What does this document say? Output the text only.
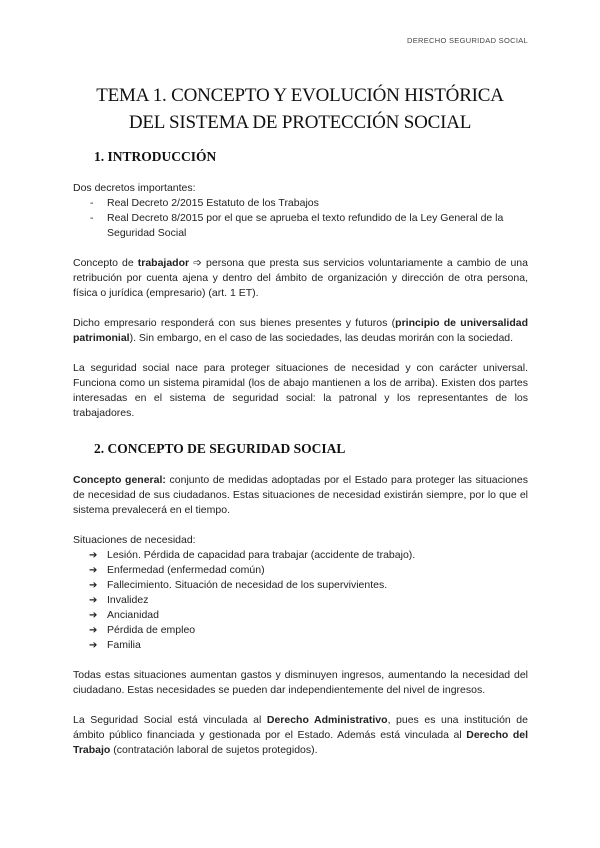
DERECHO SEGURIDAD SOCIAL
TEMA 1. CONCEPTO Y EVOLUCIÓN HISTÓRICA
DEL SISTEMA DE PROTECCIÓN SOCIAL
1. INTRODUCCIÓN

Dos decretos importantes:

- Real Decreto 2/2015 Estatuto de los Trabajos
- Real Decreto 8/2015 por el que se aprueba el texto refundido de la Ley General de la Seguridad Social

Concepto de trabajador ➩ persona que presta sus servicios voluntariamente a cambio de una retribución por cuenta ajena y dentro del ámbito de organización y dirección de otra persona, física o jurídica (empresario) (art. 1 ET).

Dicho empresario responderá con sus bienes presentes y futuros (principio de universalidad patrimonial). Sin embargo, en el caso de las sociedades, las deudas morirán con la sociedad.

La seguridad social nace para proteger situaciones de necesidad y con carácter universal. Funciona como un sistema piramidal (los de abajo mantienen a los de arriba). Existen dos partes interesadas en el sistema de seguridad social: la patronal y los representantes de los trabajadores.

2. CONCEPTO DE SEGURIDAD SOCIAL

Concepto general: conjunto de medidas adoptadas por el Estado para proteger las situaciones de necesidad de sus ciudadanos. Estas situaciones de necesidad existirán siempre, por lo que el sistema prevalecerá en el tiempo.

Situaciones de necesidad:

➔ Lesión. Pérdida de capacidad para trabajar (accidente de trabajo).
➔ Enfermedad (enfermedad común)
➔ Fallecimiento. Situación de necesidad de los supervivientes.
➔ Invalidez
➔ Ancianidad
➔ Pérdida de empleo
➔ Familia

Todas estas situaciones aumentan gastos y disminuyen ingresos, aumentando la necesidad del ciudadano. Estas necesidades se pueden dar independientemente del nivel de ingresos.

La Seguridad Social está vinculada al Derecho Administrativo, pues es una institución de ámbito público financiada y gestionada por el Estado. Además está vinculada al Derecho del Trabajo (contratación laboral de sujetos protegidos).
